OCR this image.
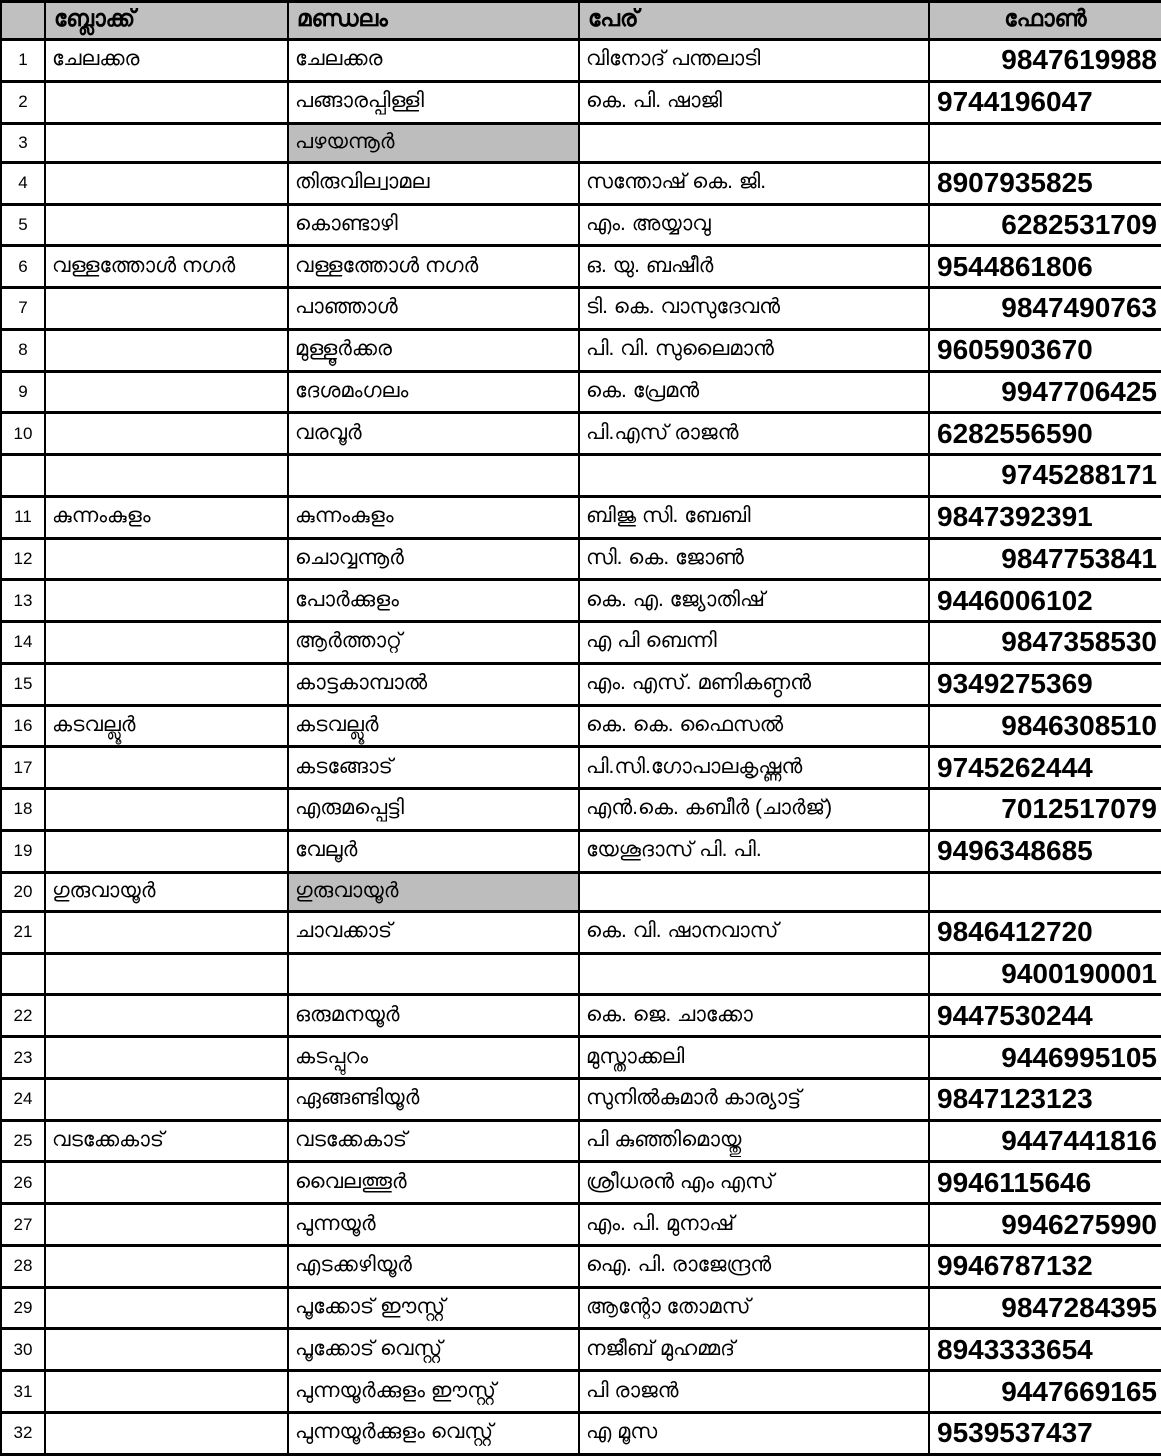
	ബ്ലോക്ക്	മണ്ഡലം	പേര്	ഫോൺ
1	ചേലക്കര	ചേലക്കര	വിനോദ് പന്തലാടി	9847619988
2		പങ്ങാരപ്പിള്ളി	കെ. പി. ഷാജി	9744196047
3		പഴയന്നൂർ		
4		തിരുവില്വാമല	സന്തോഷ് കെ. ജി.	8907935825
5		കൊണ്ടാഴി	എം. അയ്യാവു	6282531709
6	വള്ളത്തോൾ നഗർ	വള്ളത്തോൾ നഗർ	ഒ. യു. ബഷീർ	9544861806
7		പാഞ്ഞാൾ	ടി. കെ. വാസുദേവൻ	9847490763
8		മുള്ളൂർക്കര	പി. വി. സുലൈമാൻ	9605903670
9		ദേശമംഗലം	കെ. പ്രേമൻ	9947706425
10		വരവൂർ	പി.എസ് രാജൻ	6282556590
				9745288171
11	കുന്നംകുളം	കുന്നംകുളം	ബിജു സി. ബേബി	9847392391
12		ചൊവ്വന്നൂർ	സി. കെ. ജോൺ	9847753841
13		പോർക്കുളം	കെ. എ. ജ്യോതിഷ്	9446006102
14		ആർത്താറ്റ്	എ പി ബെന്നി	9847358530
15		കാട്ടകാമ്പാൽ	എം. എസ്. മണികണ്ഠൻ	9349275369
16	കടവല്ലൂർ	കടവല്ലൂർ	കെ. കെ. ഫൈസൽ	9846308510
17		കടങ്ങോട്	പി.സി.ഗോപാലകൃഷ്ണൻ	9745262444
18		എരുമപ്പെട്ടി	എൻ.കെ. കബീർ (ചാർജ്)	7012517079
19		വേലൂർ	യേശൂദാസ് പി. പി.	9496348685
20	ഗുരുവായൂർ	ഗുരുവായൂർ		
21		ചാവക്കാട്	കെ. വി. ഷാനവാസ്	9846412720
				9400190001
22		ഒരുമനയൂർ	കെ. ജെ. ചാക്കോ	9447530244
23		കടപ്പുറം	മുസ്താക്കലി	9446995105
24		ഏങ്ങണ്ടിയൂർ	സുനിൽകുമാർ കാര്യാട്ട്	9847123123
25	വടക്കേകാട്	വടക്കേകാട്	പി കുഞ്ഞിമൊയ്തു	9447441816
26		വൈലത്തൂർ	ശ്രീധരൻ എം എസ്	9946115646
27		പുന്നയൂർ	എം. പി. മുനാഷ്	9946275990
28		എടക്കഴിയൂർ	ഐ. പി. രാജേന്ദ്രൻ	9946787132
29		പൂക്കോട് ഈസ്റ്റ്	ആന്റോ തോമസ്	9847284395
30		പൂക്കോട് വെസ്റ്റ്	നജീബ് മുഹമ്മദ്	8943333654
31		പുന്നയൂർക്കുളം ഈസ്റ്റ്	പി രാജൻ	9447669165
32		പുന്നയൂർക്കുളം വെസ്റ്റ്	എ മൂസ	9539537437
